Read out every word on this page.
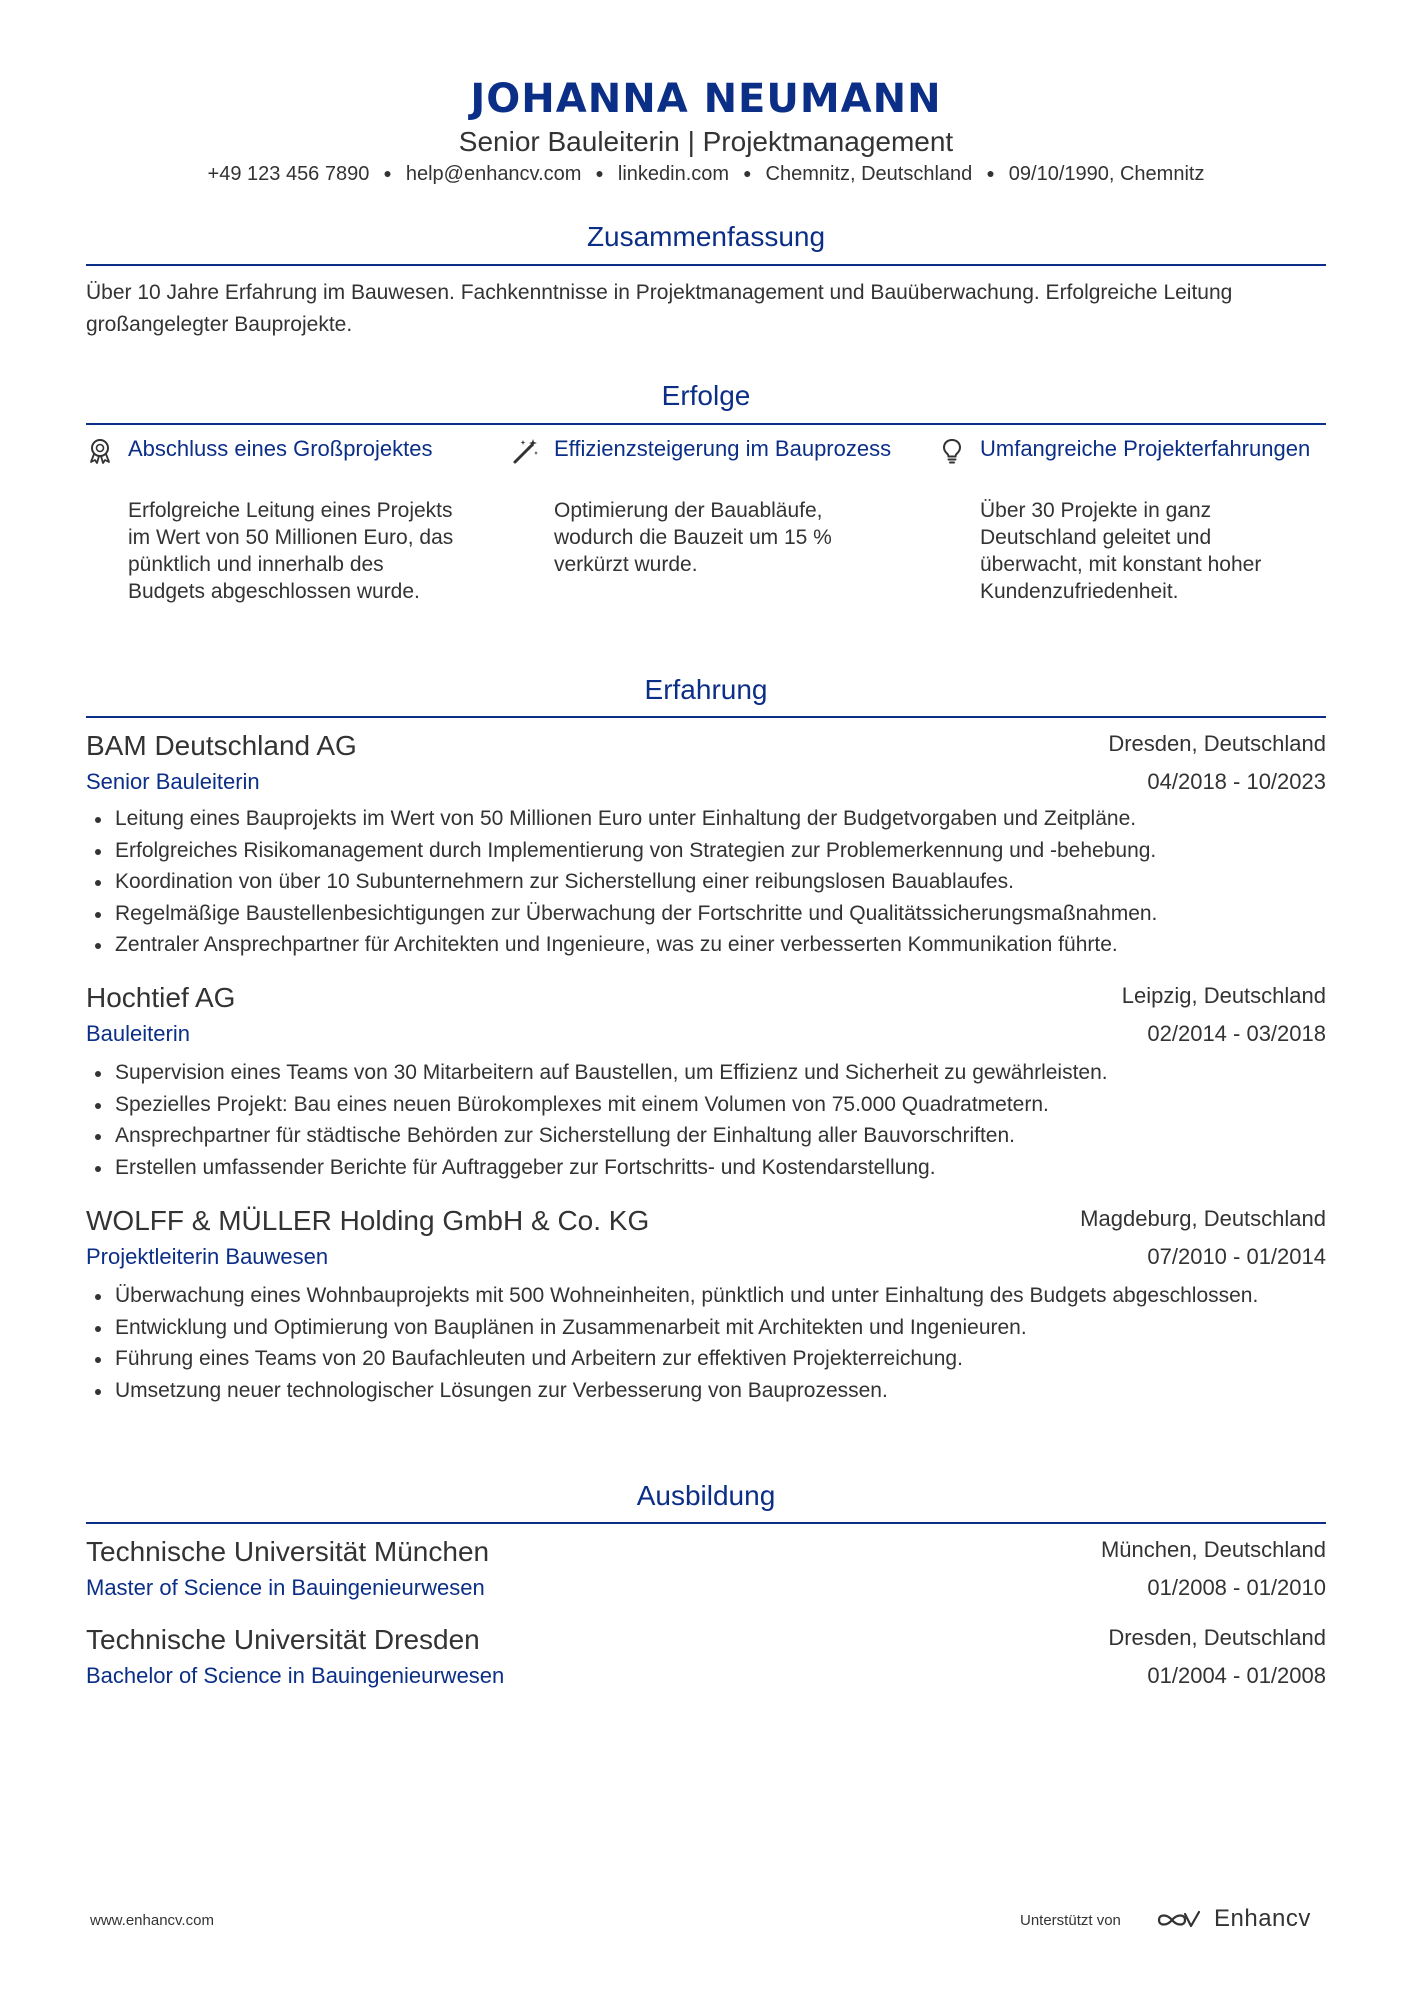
JOHANNA NEUMANN
Senior Bauleiterin | Projektmanagement
+49 123 456 7890 ● help@enhancv.com ● linkedin.com ● Chemnitz, Deutschland ● 09/10/1990, Chemnitz
Zusammenfassung
Über 10 Jahre Erfahrung im Bauwesen. Fachkenntnisse in Projektmanagement und Bauüberwachung. Erfolgreiche Leitung großangelegter Bauprojekte.
Erfolge
Abschluss eines Großprojektes
Erfolgreiche Leitung eines Projekts im Wert von 50 Millionen Euro, das pünktlich und innerhalb des Budgets abgeschlossen wurde.
Effizienzsteigerung im Bauprozess
Optimierung der Bauabläufe, wodurch die Bauzeit um 15 % verkürzt wurde.
Umfangreiche Projekterfahrungen
Über 30 Projekte in ganz Deutschland geleitet und überwacht, mit konstant hoher Kundenzufriedenheit.
Erfahrung
BAM Deutschland AG	Dresden, Deutschland
Senior Bauleiterin	04/2018 - 10/2023
Leitung eines Bauprojekts im Wert von 50 Millionen Euro unter Einhaltung der Budgetvorgaben und Zeitpläne.
Erfolgreiches Risikomanagement durch Implementierung von Strategien zur Problemerkennung und -behebung.
Koordination von über 10 Subunternehmern zur Sicherstellung einer reibungslosen Bauablaufes.
Regelmäßige Baustellenbesichtigungen zur Überwachung der Fortschritte und Qualitätssicherungsmaßnahmen.
Zentraler Ansprechpartner für Architekten und Ingenieure, was zu einer verbesserten Kommunikation führte.
Hochtief AG	Leipzig, Deutschland
Bauleiterin	02/2014 - 03/2018
Supervision eines Teams von 30 Mitarbeitern auf Baustellen, um Effizienz und Sicherheit zu gewährleisten.
Spezielles Projekt: Bau eines neuen Bürokomplexes mit einem Volumen von 75.000 Quadratmetern.
Ansprechpartner für städtische Behörden zur Sicherstellung der Einhaltung aller Bauvorschriften.
Erstellen umfassender Berichte für Auftraggeber zur Fortschritts- und Kostendarstellung.
WOLFF & MÜLLER Holding GmbH & Co. KG	Magdeburg, Deutschland
Projektleiterin Bauwesen	07/2010 - 01/2014
Überwachung eines Wohnbauprojekts mit 500 Wohneinheiten, pünktlich und unter Einhaltung des Budgets abgeschlossen.
Entwicklung und Optimierung von Bauplänen in Zusammenarbeit mit Architekten und Ingenieuren.
Führung eines Teams von 20 Baufachleuten und Arbeitern zur effektiven Projekterreichung.
Umsetzung neuer technologischer Lösungen zur Verbesserung von Bauprozessen.
Ausbildung
Technische Universität München	München, Deutschland
Master of Science in Bauingenieurwesen	01/2008 - 01/2010
Technische Universität Dresden	Dresden, Deutschland
Bachelor of Science in Bauingenieurwesen	01/2004 - 01/2008
www.enhancv.com	Unterstützt von	Enhancv
